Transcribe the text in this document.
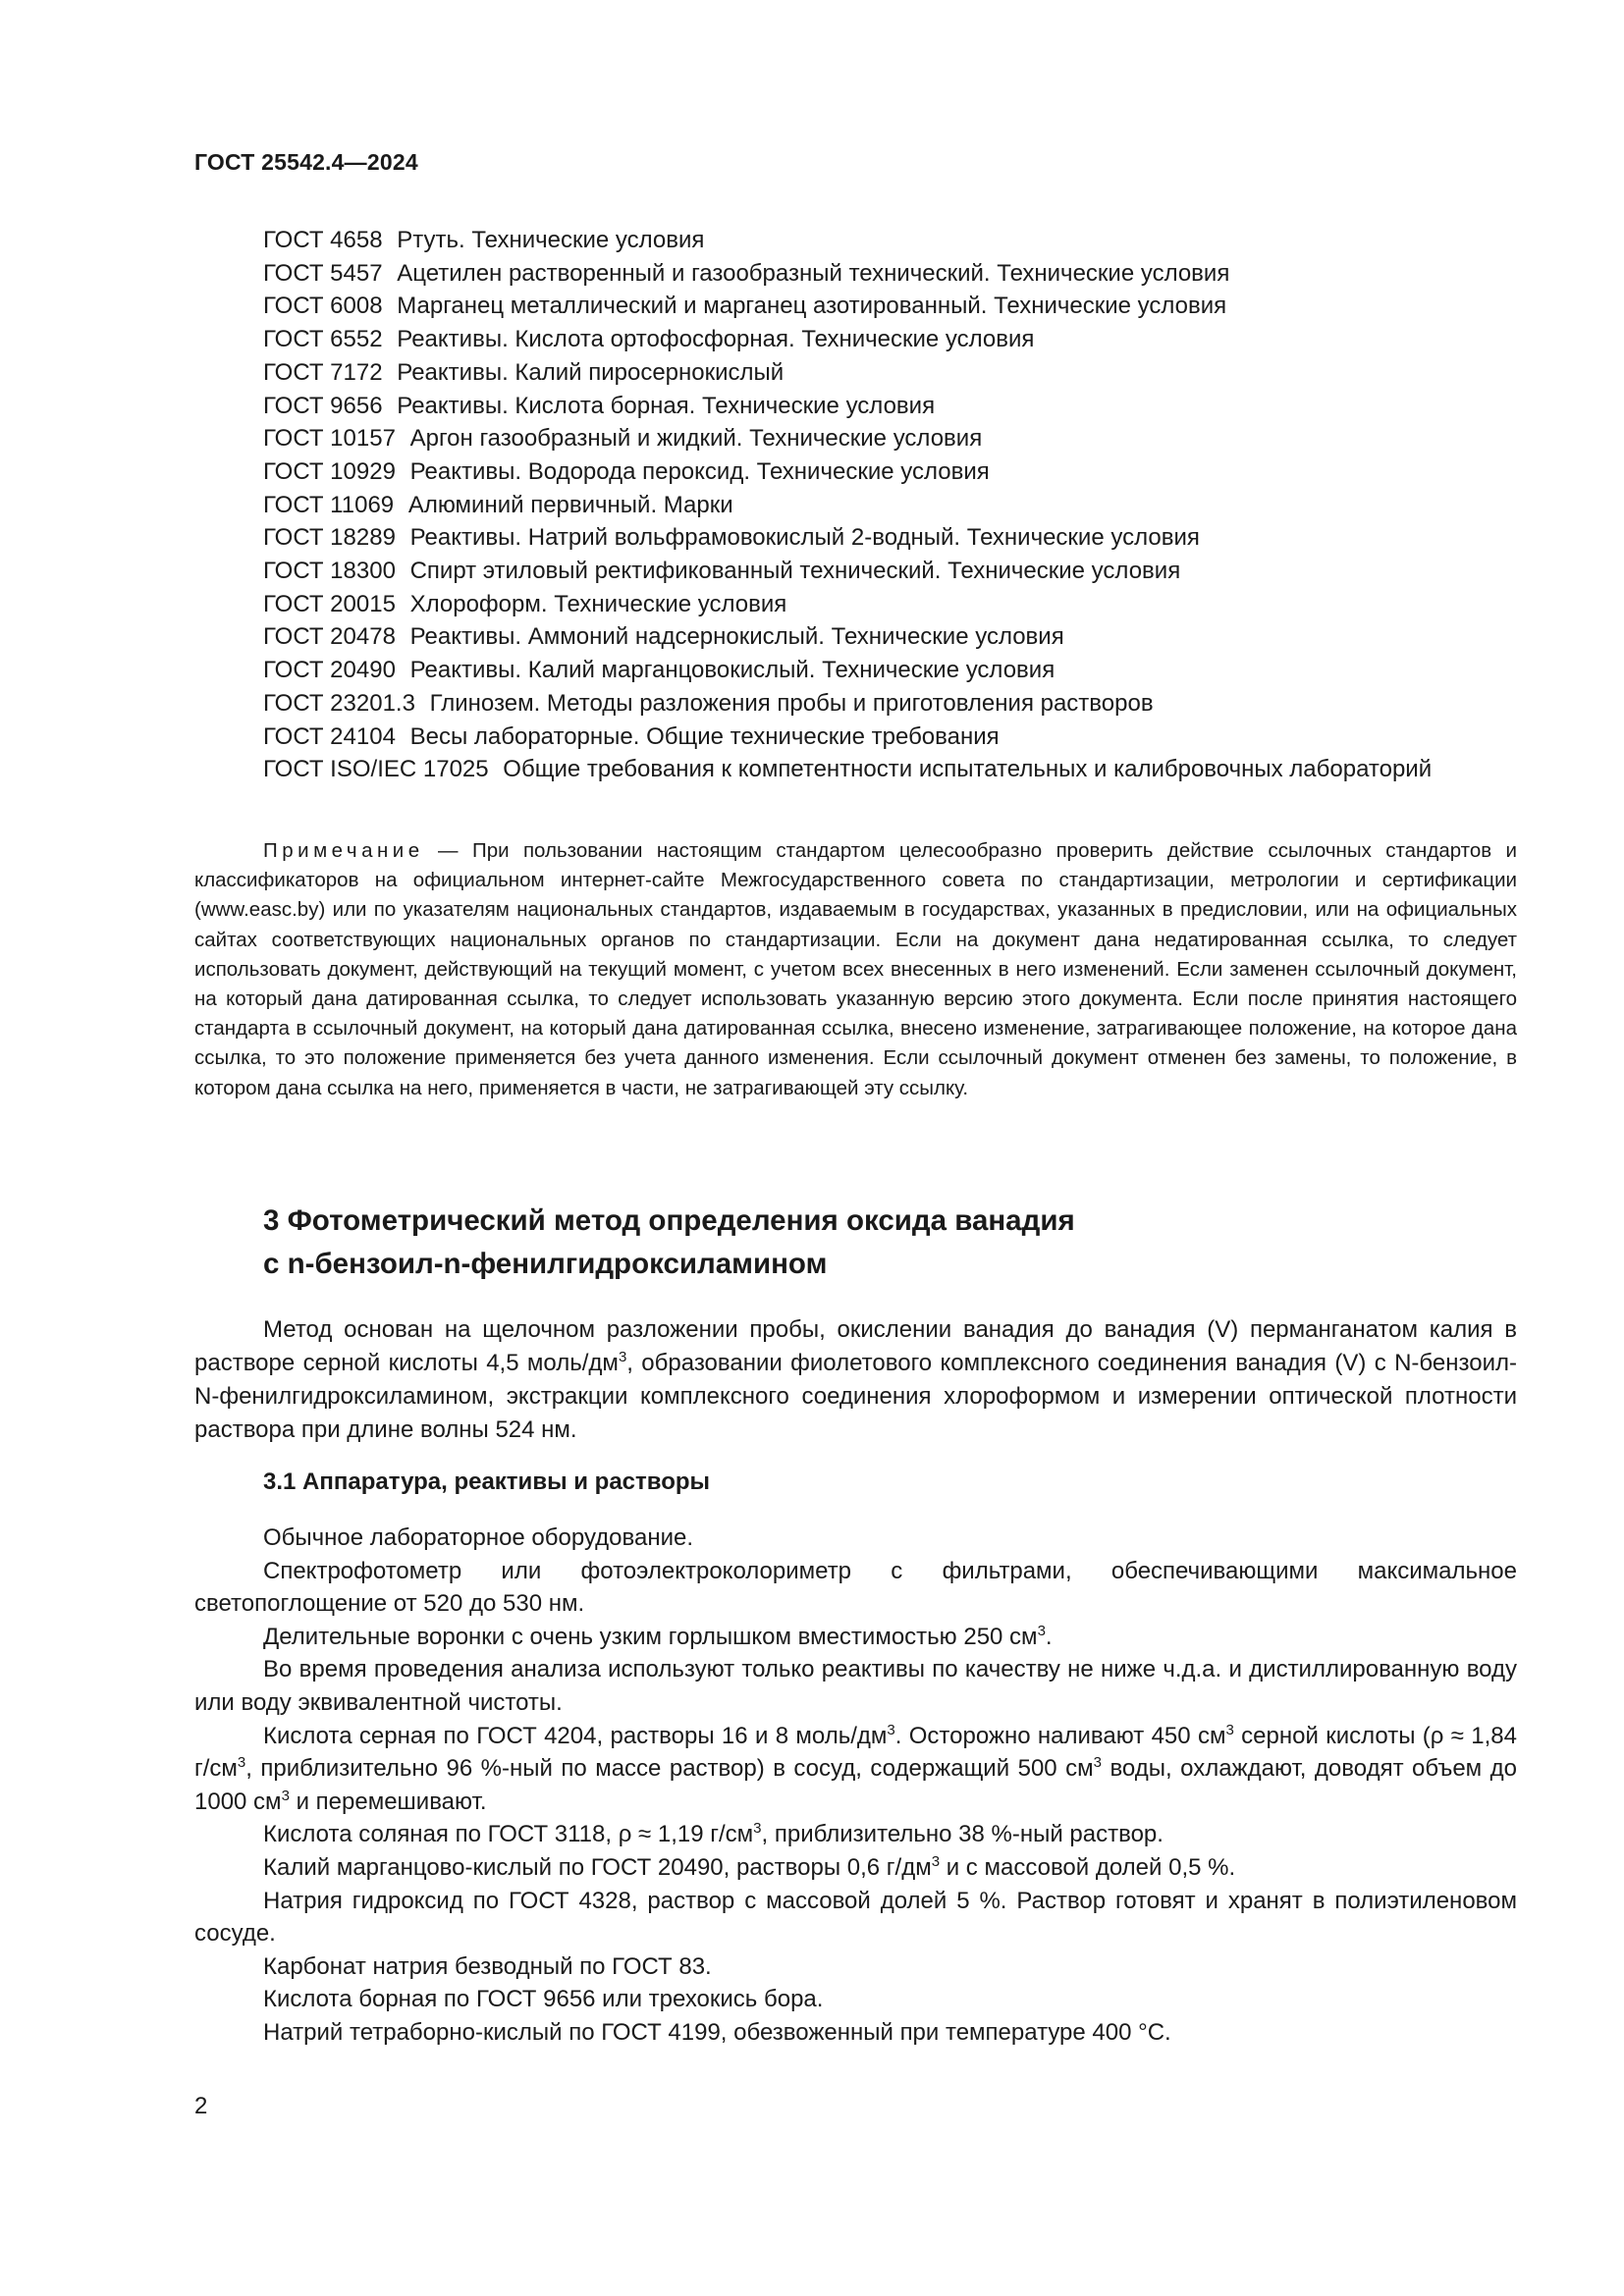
ГОСТ 25542.4—2024
ГОСТ 4658 Ртуть. Технические условия
ГОСТ 5457 Ацетилен растворенный и газообразный технический. Технические условия
ГОСТ 6008 Марганец металлический и марганец азотированный. Технические условия
ГОСТ 6552 Реактивы. Кислота ортофосфорная. Технические условия
ГОСТ 7172 Реактивы. Калий пиросернокислый
ГОСТ 9656 Реактивы. Кислота борная. Технические условия
ГОСТ 10157 Аргон газообразный и жидкий. Технические условия
ГОСТ 10929 Реактивы. Водорода пероксид. Технические условия
ГОСТ 11069 Алюминий первичный. Марки
ГОСТ 18289 Реактивы. Натрий вольфрамовокислый 2-водный. Технические условия
ГОСТ 18300 Спирт этиловый ректификованный технический. Технические условия
ГОСТ 20015 Хлороформ. Технические условия
ГОСТ 20478 Реактивы. Аммоний надсернокислый. Технические условия
ГОСТ 20490 Реактивы. Калий марганцовокислый. Технические условия
ГОСТ 23201.3 Глинозем. Методы разложения пробы и приготовления растворов
ГОСТ 24104 Весы лабораторные. Общие технические требования
ГОСТ ISO/IEC 17025 Общие требования к компетентности испытательных и калибровочных лабораторий
Примечание — При пользовании настоящим стандартом целесообразно проверить действие ссылочных стандартов и классификаторов на официальном интернет-сайте Межгосударственного совета по стандартизации, метрологии и сертификации (www.easc.by) или по указателям национальных стандартов, издаваемым в государствах, указанных в предисловии, или на официальных сайтах соответствующих национальных органов по стандартизации. Если на документ дана недатированная ссылка, то следует использовать документ, действующий на текущий момент, с учетом всех внесенных в него изменений. Если заменен ссылочный документ, на который дана датированная ссылка, то следует использовать указанную версию этого документа. Если после принятия настоящего стандарта в ссылочный документ, на который дана датированная ссылка, внесено изменение, затрагивающее положение, на которое дана ссылка, то это положение применяется без учета данного изменения. Если ссылочный документ отменен без замены, то положение, в котором дана ссылка на него, применяется в части, не затрагивающей эту ссылку.
3 Фотометрический метод определения оксида ванадия
с n-бензоил-n-фенилгидроксиламином

Метод основан на щелочном разложении пробы, окислении ванадия до ванадия (V) перманганатом калия в растворе серной кислоты 4,5 моль/$дм^3$, образовании фиолетового комплексного соединения ванадия (V) с N-бензоил-N-фенилгидроксиламином, экстракции комплексного соединения хлороформом и измерении оптической плотности раствора при длине волны 524 нм.

3.1 Аппаратура, реактивы и растворы

Обычное лабораторное оборудование.

Спектрофотометр или фотоэлектроколориметр с фильтрами, обеспечивающими максимальное светопоглощение от 520 до 530 нм.

Делительные воронки с очень узким горлышком вместимостью 250 $см^3$.

Во время проведения анализа используют только реактивы по качеству не ниже ч.д.а. и дистиллированную воду или воду эквивалентной чистоты.

Кислота серная по ГОСТ 4204, растворы 16 и 8 моль/$дм^3$. Осторожно наливают 450 $см^3$ серной кислоты (ρ ≈ 1,84 $г/см^3$, приблизительно 96 %-ный по массе раствор) в сосуд, содержащий 500 $см^3$ воды, охлаждают, доводят объем до 1000 $см^3$ и перемешивают.

Кислота соляная по ГОСТ 3118, ρ ≈ 1,19 $г/см^3$, приблизительно 38 %-ный раствор.

Калий марганцово-кислый по ГОСТ 20490, растворы 0,6 $г/дм^3$ и с массовой долей 0,5 %.

Натрия гидроксид по ГОСТ 4328, раствор с массовой долей 5 %. Раствор готовят и хранят в полиэтиленовом сосуде.

Карбонат натрия безводный по ГОСТ 83.

Кислота борная по ГОСТ 9656 или трехокись бора.

Натрий тетраборно-кислый по ГОСТ 4199, обезвоженный при температуре 400 °С.

2
